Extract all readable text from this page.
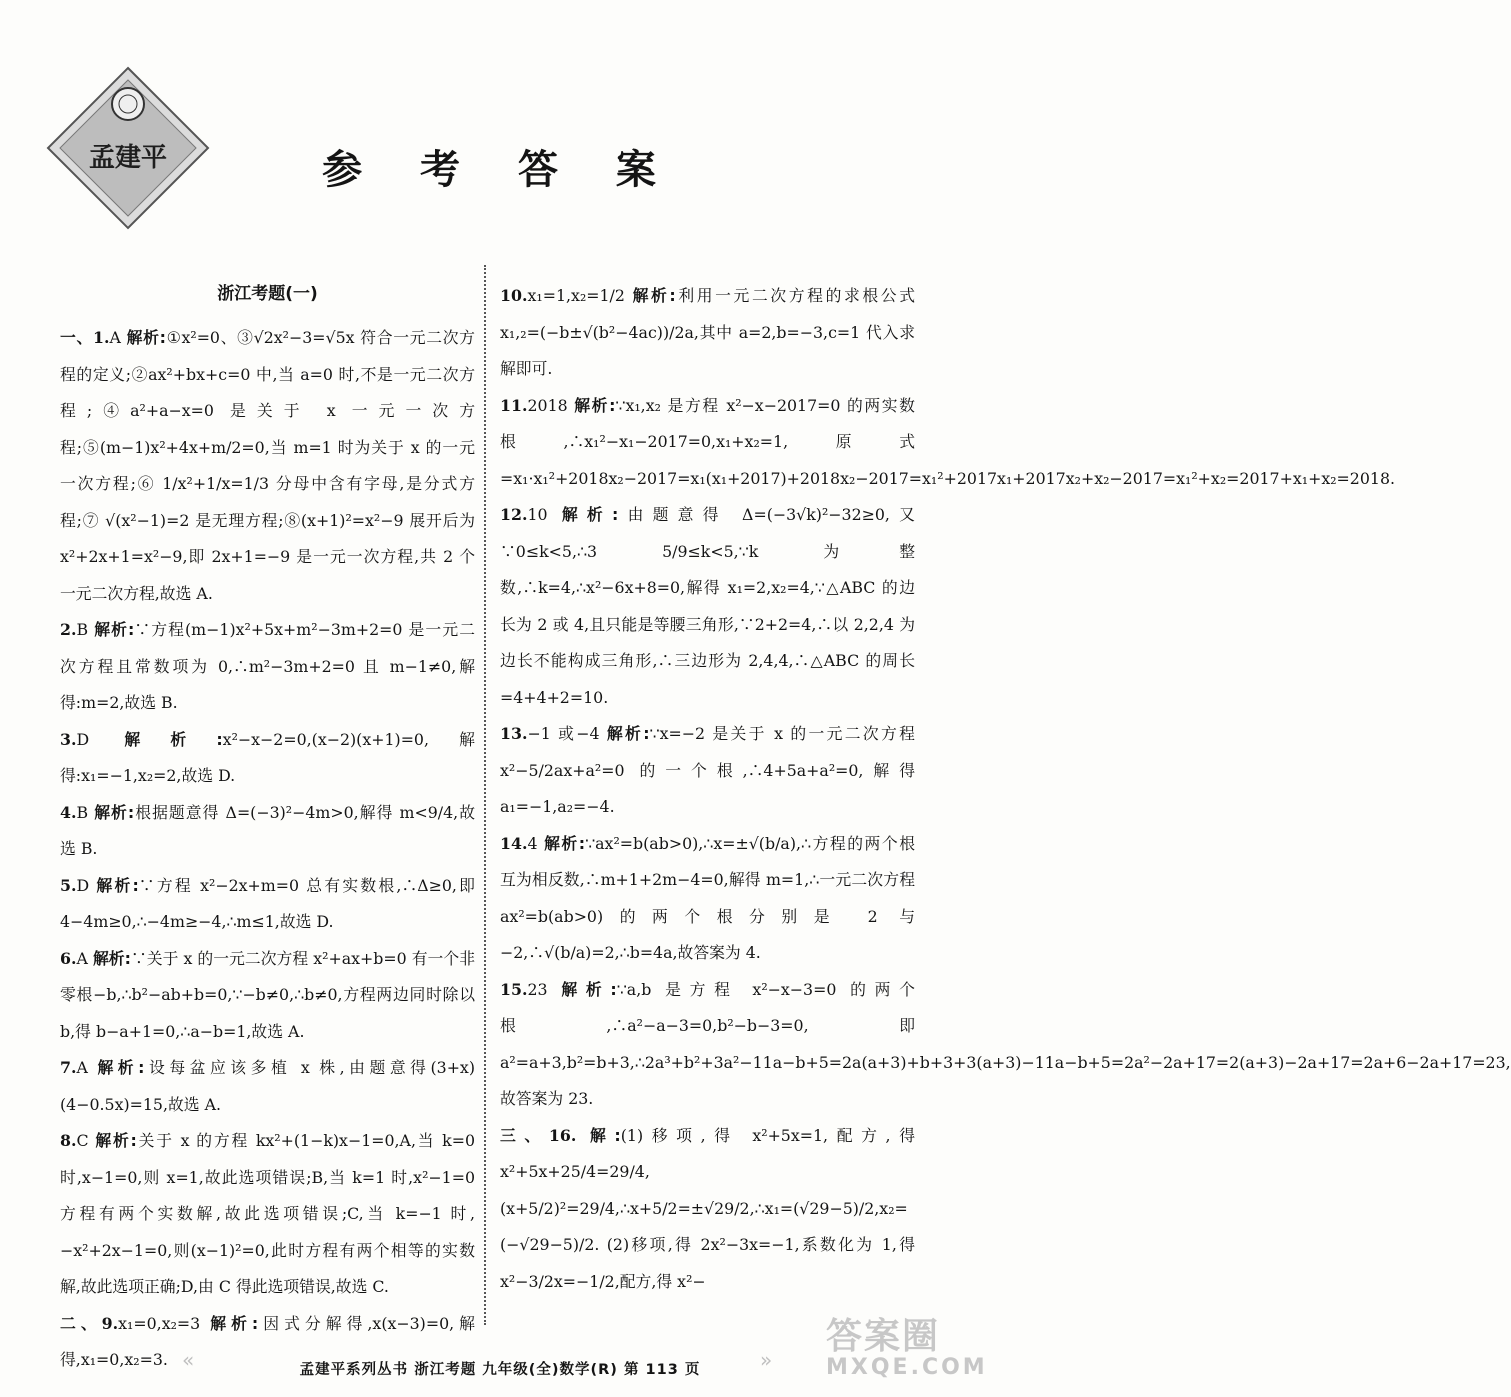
孟建平	参 考 答 案
浙江考题(一)
一、1.A 解析:①x²=0、③√2x²−3=√5x 符合一元二次方程的定义;②ax²+bx+c=0 中,当 a=0 时,不是一元二次方程;④a²+a−x=0 是关于 x 一元一次方程;⑤(m−1)x²+4x+m/2=0,当 m=1 时为关于 x 的一元一次方程;⑥ 1/x²+1/x=1/3 分母中含有字母,是分式方程;⑦ √(x²−1)=2 是无理方程;⑧(x+1)²=x²−9 展开后为 x²+2x+1=x²−9,即 2x+1=−9 是一元一次方程,共 2 个一元二次方程,故选 A.
2.B 解析:∵方程(m−1)x²+5x+m²−3m+2=0 是一元二次方程且常数项为 0,∴m²−3m+2=0 且 m−1≠0,解得:m=2,故选 B.
3.D 解析:x²−x−2=0,(x−2)(x+1)=0,解得:x₁=−1,x₂=2,故选 D.
4.B 解析:根据题意得 Δ=(−3)²−4m>0,解得 m<9/4,故选 B.
5.D 解析:∵方程 x²−2x+m=0 总有实数根,∴Δ≥0,即 4−4m≥0,∴−4m≥−4,∴m≤1,故选 D.
6.A 解析:∵关于 x 的一元二次方程 x²+ax+b=0 有一个非零根−b,∴b²−ab+b=0,∵−b≠0,∴b≠0,方程两边同时除以 b,得 b−a+1=0,∴a−b=1,故选 A.
7.A 解析:设每盆应该多植 x 株,由题意得(3+x)(4−0.5x)=15,故选 A.
8.C 解析:关于 x 的方程 kx²+(1−k)x−1=0,A,当 k=0 时,x−1=0,则 x=1,故此选项错误;B,当 k=1 时,x²−1=0 方程有两个实数解,故此选项错误;C,当 k=−1 时,−x²+2x−1=0,则(x−1)²=0,此时方程有两个相等的实数解,故此选项正确;D,由 C 得此选项错误,故选 C.
二、9.x₁=0,x₂=3 解析:因式分解得,x(x−3)=0,解得,x₁=0,x₂=3.
10.x₁=1,x₂=1/2 解析:利用一元二次方程的求根公式 x₁,₂=(−b±√(b²−4ac))/2a,其中 a=2,b=−3,c=1 代入求解即可.
11.2018 解析:∵x₁,x₂ 是方程 x²−x−2017=0 的两实数根,∴x₁²−x₁−2017=0,x₁+x₂=1,原式=x₁·x₁²+2018x₂−2017=x₁(x₁+2017)+2018x₂−2017=x₁²+2017x₁+2017x₂+x₂−2017=x₁²+x₂=2017+x₁+x₂=2018.
12.10 解析:由题意得 Δ=(−3√k)²−32≥0,又∵0≤k<5,∴3 5/9≤k<5,∵k 为整数,∴k=4,∴x²−6x+8=0,解得 x₁=2,x₂=4,∵△ABC 的边长为 2 或 4,且只能是等腰三角形,∵2+2=4,∴以 2,2,4 为边长不能构成三角形,∴三边形为 2,4,4,∴△ABC 的周长=4+4+2=10.
13.−1 或−4 解析:∵x=−2 是关于 x 的一元二次方程 x²−5/2ax+a²=0 的一个根,∴4+5a+a²=0,解得 a₁=−1,a₂=−4.
14.4 解析:∵ax²=b(ab>0),∴x=±√(b/a),∴方程的两个根互为相反数,∴m+1+2m−4=0,解得 m=1,∴一元二次方程 ax²=b(ab>0)的两个根分别是 2 与−2,∴√(b/a)=2,∴b=4a,故答案为 4.
15.23 解析:∵a,b 是方程 x²−x−3=0 的两个根,∴a²−a−3=0,b²−b−3=0,即 a²=a+3,b²=b+3,∴2a³+b²+3a²−11a−b+5=2a(a+3)+b+3+3(a+3)−11a−b+5=2a²−2a+17=2(a+3)−2a+17=2a+6−2a+17=23,故答案为 23.
三、16. 解:(1)移项,得 x²+5x=1,配方,得 x²+5x+25/4=29/4,(x+5/2)²=29/4,∴x+5/2=±√29/2,∴x₁=(√29−5)/2,x₂=(−√29−5)/2. (2)移项,得 2x²−3x=−1,系数化为 1,得 x²−3/2x=−1/2,配方,得 x²−
«	»
孟建平系列丛书 浙江考题 九年级(全)数学(R) 第 113 页
答案圈
MXQE.COM
